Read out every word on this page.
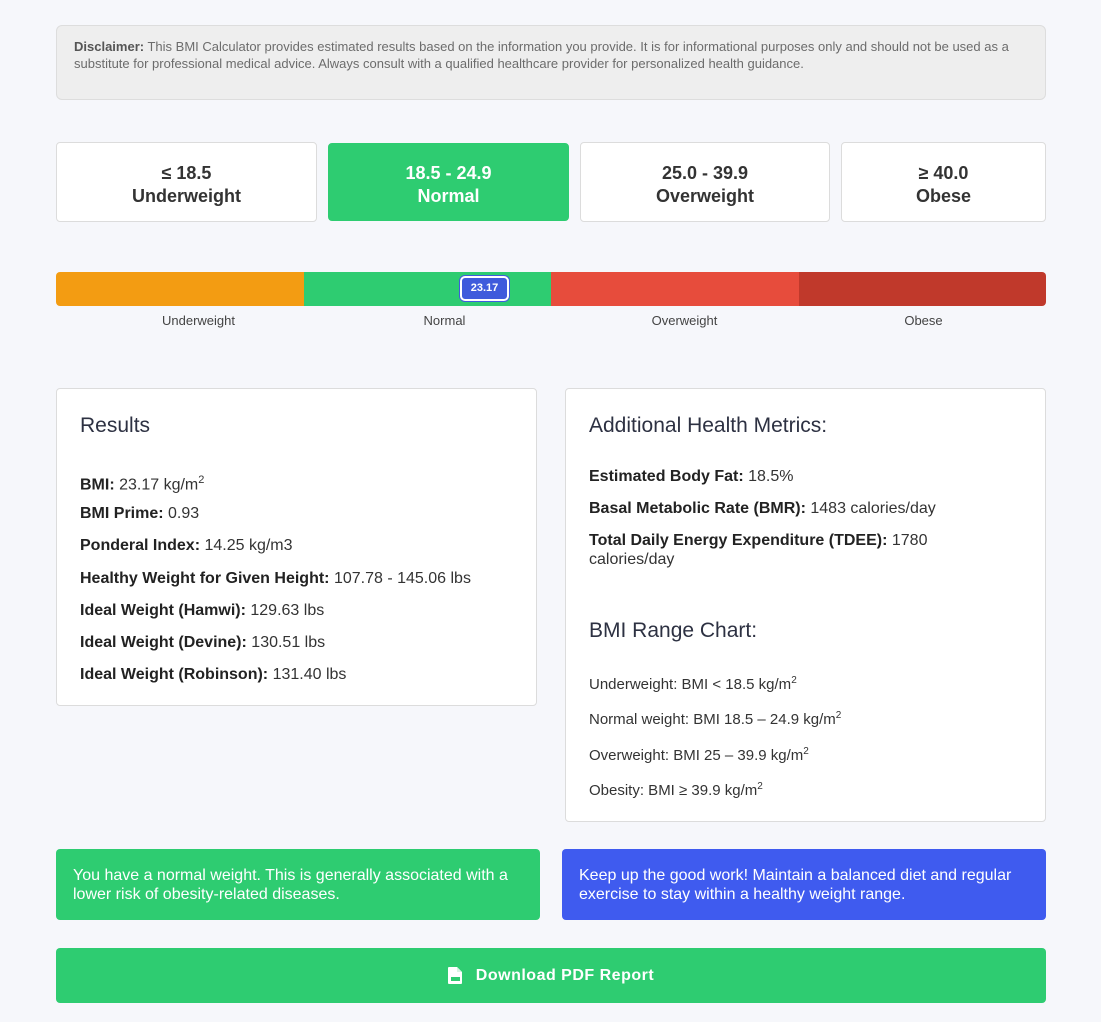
Disclaimer: This BMI Calculator provides estimated results based on the information you provide. It is for informational purposes only and should not be used as a substitute for professional medical advice. Always consult with a qualified healthcare provider for personalized health guidance.
≤ 18.5
Underweight
18.5 - 24.9
Normal
25.0 - 39.9
Overweight
≥ 40.0
Obese
23.17
Underweight	Normal	Overweight	Obese
Results
BMI: 23.17 $kg/m^2$
BMI Prime: 0.93
Ponderal Index: 14.25 kg/m3
Healthy Weight for Given Height: 107.78 - 145.06 lbs
Ideal Weight (Hamwi): 129.63 lbs
Ideal Weight (Devine): 130.51 lbs
Ideal Weight (Robinson): 131.40 lbs
Additional Health Metrics:
Estimated Body Fat: 18.5%
Basal Metabolic Rate (BMR): 1483 calories/day
Total Daily Energy Expenditure (TDEE): 1780
calories/day
BMI Range Chart:
Underweight: BMI < 18.5 $kg/m^2$
Normal weight: BMI 18.5 – 24.9 $kg/m^2$
Overweight: BMI 25 – 39.9 $kg/m^2$
Obesity: BMI ≥ 39.9 $kg/m^2$
You have a normal weight. This is generally associated with a lower risk of obesity-related diseases.
Keep up the good work! Maintain a balanced diet and regular exercise to stay within a healthy weight range.
Download PDF Report
